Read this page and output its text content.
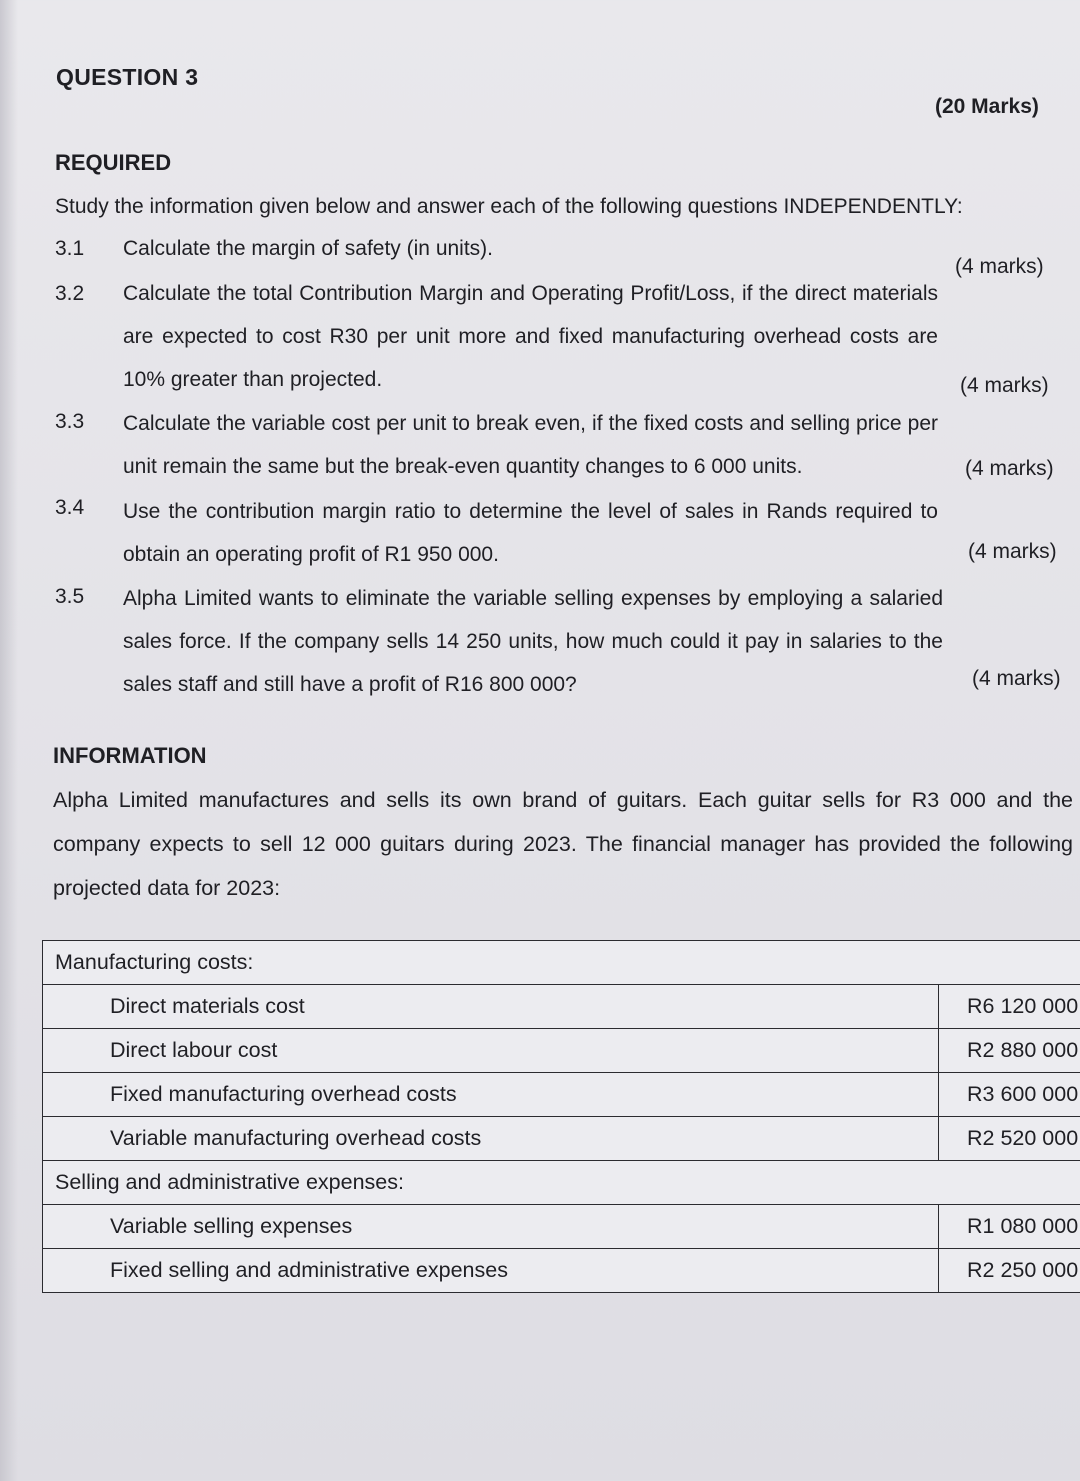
QUESTION 3
(20 Marks)
REQUIRED
Study the information given below and answer each of the following questions INDEPENDENTLY:
3.1 Calculate the margin of safety (in units).
(4 marks)
3.2 Calculate the total Contribution Margin and Operating Profit/Loss, if the direct materials are expected to cost R30 per unit more and fixed manufacturing overhead costs are 10% greater than projected.	(4 marks)
3.3 Calculate the variable cost per unit to break even, if the fixed costs and selling price per unit remain the same but the break-even quantity changes to 6 000 units.	(4 marks)
3.4 Use the contribution margin ratio to determine the level of sales in Rands required to obtain an operating profit of R1 950 000.	(4 marks)
3.5 Alpha Limited wants to eliminate the variable selling expenses by employing a salaried sales force. If the company sells 14 250 units, how much could it pay in salaries to the sales staff and still have a profit of R16 800 000?	(4 marks)
INFORMATION
Alpha Limited manufactures and sells its own brand of guitars. Each guitar sells for R3 000 and the company expects to sell 12 000 guitars during 2023. The financial manager has provided the following projected data for 2023:
Manufacturing costs:	
Direct materials cost	R6 120 000
Direct labour cost	R2 880 000
Fixed manufacturing overhead costs	R3 600 000
Variable manufacturing overhead costs	R2 520 000
Selling and administrative expenses:	
Variable selling expenses	R1 080 000
Fixed selling and administrative expenses	R2 250 000
